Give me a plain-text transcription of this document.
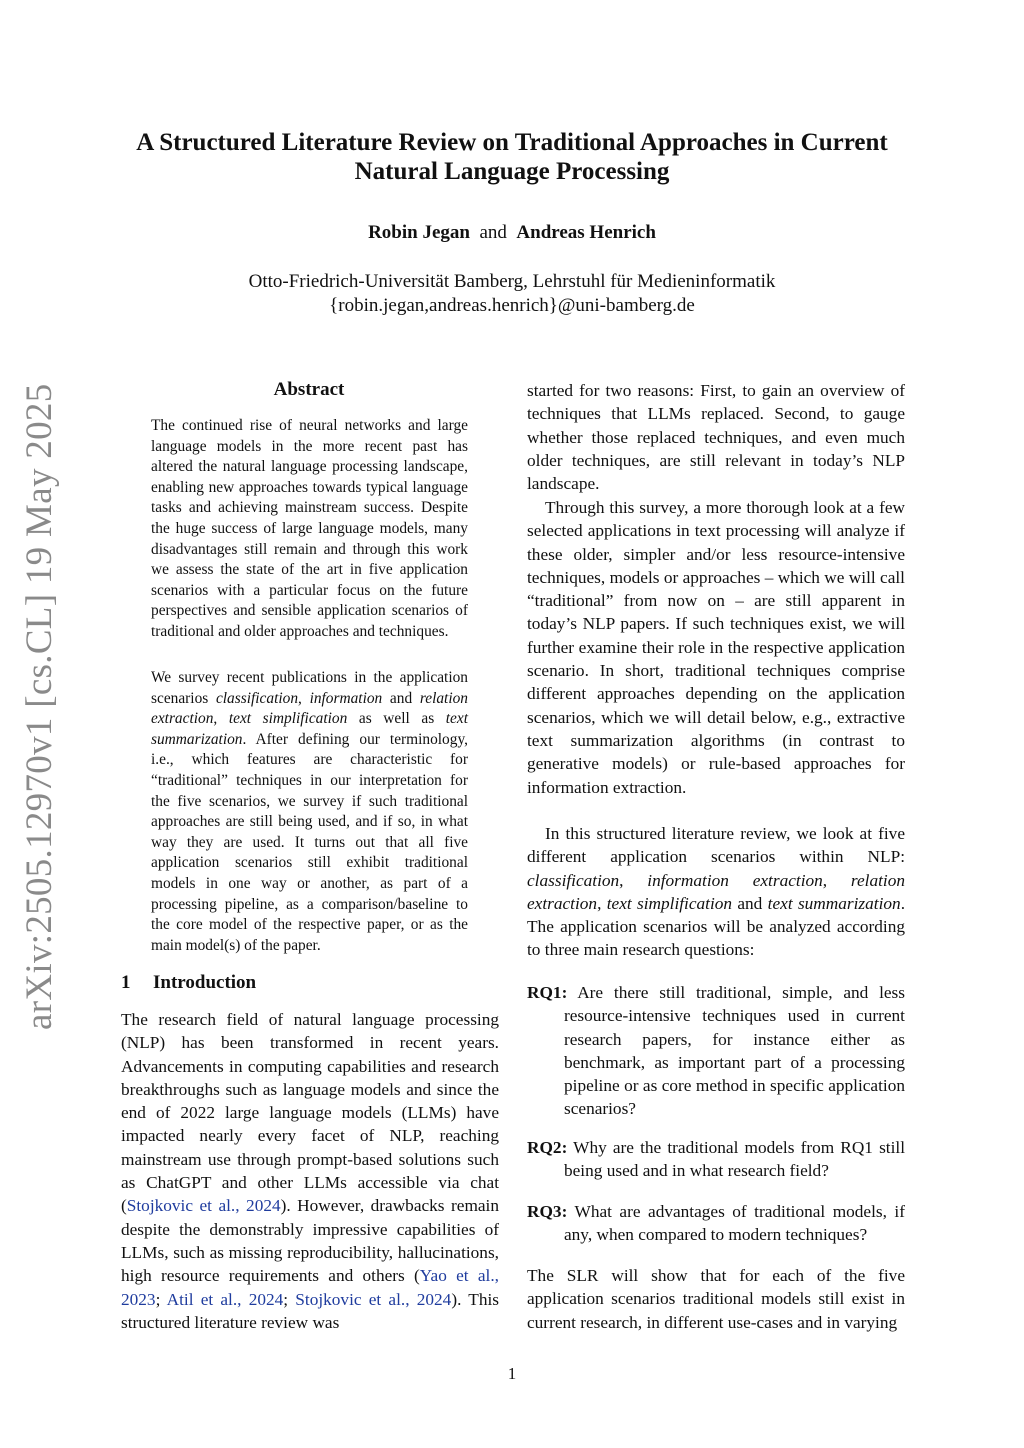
arXiv:2505.12970v1 [cs.CL] 19 May 2025
A Structured Literature Review on Traditional Approaches in Current Natural Language Processing
Robin Jegan and Andreas Henrich
Otto-Friedrich-Universität Bamberg, Lehrstuhl für Medieninformatik
{robin.jegan,andreas.henrich}@uni-bamberg.de
Abstract

The continued rise of neural networks and large language models in the more recent past has altered the natural language processing landscape, enabling new approaches towards typical language tasks and achieving mainstream success. Despite the huge success of large language models, many disadvantages still remain and through this work we assess the state of the art in five application scenarios with a particular focus on the future perspectives and sensible application scenarios of traditional and older approaches and techniques.

We survey recent publications in the application scenarios classification, information and relation extraction, text simplification as well as text summarization. After defining our terminology, i.e., which features are characteristic for “traditional” techniques in our interpretation for the five scenarios, we survey if such traditional approaches are still being used, and if so, in what way they are used. It turns out that all five application scenarios still exhibit traditional models in one way or another, as part of a processing pipeline, as a comparison/baseline to the core model of the respective paper, or as the main model(s) of the paper.

1 Introduction

The research field of natural language processing (NLP) has been transformed in recent years. Advancements in computing capabilities and research breakthroughs such as language models and since the end of 2022 large language models (LLMs) have impacted nearly every facet of NLP, reaching mainstream use through prompt-based solutions such as ChatGPT and other LLMs accessible via chat (Stojkovic et al., 2024). However, drawbacks remain despite the demonstrably impressive capabilities of LLMs, such as missing reproducibility, hallucinations, high resource requirements and others (Yao et al., 2023; Atil et al., 2024; Stojkovic et al., 2024). This structured literature review was

started for two reasons: First, to gain an overview of techniques that LLMs replaced. Second, to gauge whether those replaced techniques, and even much older techniques, are still relevant in today’s NLP landscape.

Through this survey, a more thorough look at a few selected applications in text processing will analyze if these older, simpler and/or less resource-intensive techniques, models or approaches – which we will call “traditional” from now on – are still apparent in today’s NLP papers. If such techniques exist, we will further examine their role in the respective application scenario. In short, traditional techniques comprise different approaches depending on the application scenarios, which we will detail below, e.g., extractive text summarization algorithms (in contrast to generative models) or rule-based approaches for information extraction.

In this structured literature review, we look at five different application scenarios within NLP: classification, information extraction, relation extraction, text simplification and text summarization. The application scenarios will be analyzed according to three main research questions:

RQ1: Are there still traditional, simple, and less resource-intensive techniques used in current research papers, for instance either as benchmark, as important part of a processing pipeline or as core method in specific application scenarios?

RQ2: Why are the traditional models from RQ1 still being used and in what research field?

RQ3: What are advantages of traditional models, if any, when compared to modern techniques?

The SLR will show that for each of the five application scenarios traditional models still exist in current research, in different use-cases and in varying

1
